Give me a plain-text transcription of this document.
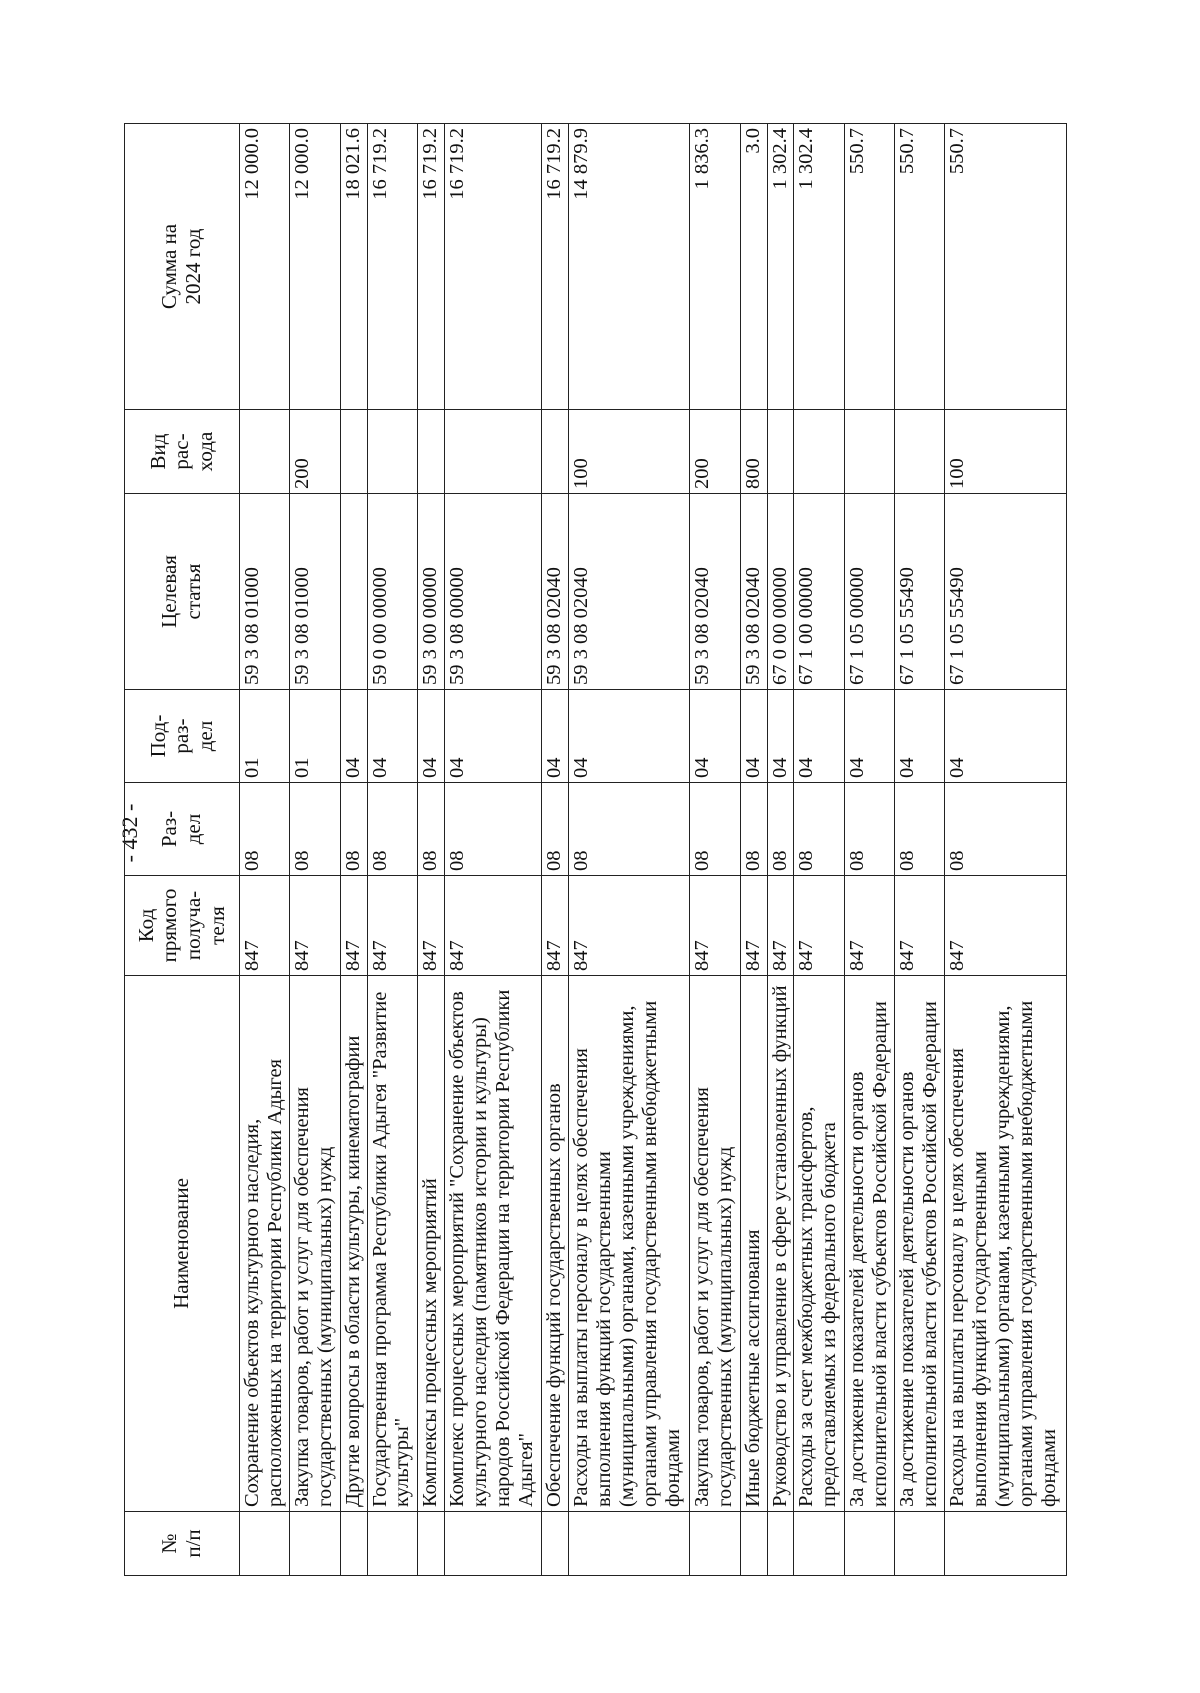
- 432 -
№ п/п	Наименование	Код прямого получа- теля	Раз- дел	Под- раз- дел	Целевая статья	Вид рас- хода	Сумма на 2024 год

	Сохранение объектов культурного наследия, расположенных на территории Республики Адыгея	847	08	01	59 3 08 01000		12 000.0
	Закупка товаров, работ и услуг для обеспечения государственных (муниципальных) нужд	847	08	01	59 3 08 01000	200	12 000.0
	Другие вопросы в области культуры, кинематографии	847	08	04			18 021.6
	Государственная программа Республики Адыгея "Развитие культуры"	847	08	04	59 0 00 00000		16 719.2
	Комплексы процессных мероприятий	847	08	04	59 3 00 00000		16 719.2
	Комплекс процессных мероприятий "Сохранение объектов культурного наследия (памятников истории и культуры) народов Российской Федерации на территории Республики Адыгея"	847	08	04	59 3 08 00000		16 719.2
	Обеспечение функций государственных органов	847	08	04	59 3 08 02040		16 719.2
	Расходы на выплаты персоналу в целях обеспечения выполнения функций государственными (муниципальными) органами, казенными учреждениями, органами управления государственными внебюджетными фондами	847	08	04	59 3 08 02040	100	14 879.9
	Закупка товаров, работ и услуг для обеспечения государственных (муниципальных) нужд	847	08	04	59 3 08 02040	200	1 836.3
	Иные бюджетные ассигнования	847	08	04	59 3 08 02040	800	3.0
	Руководство и управление в сфере установленных функций	847	08	04	67 0 00 00000		1 302.4
	Расходы за счет межбюджетных трансфертов, предоставляемых из федерального бюджета	847	08	04	67 1 00 00000		1 302.4
	За достижение показателей деятельности органов исполнительной власти субъектов Российской Федерации	847	08	04	67 1 05 00000		550.7
	За достижение показателей деятельности органов исполнительной власти субъектов Российской Федерации	847	08	04	67 1 05 55490		550.7
	Расходы на выплаты персоналу в целях обеспечения выполнения функций государственными (муниципальными) органами, казенными учреждениями, органами управления государственными внебюджетными фондами	847	08	04	67 1 05 55490	100	550.7
